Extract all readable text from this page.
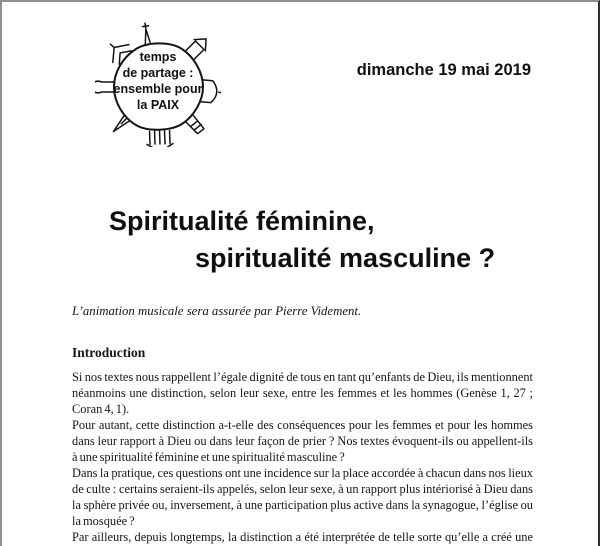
temps
de partage :
ensemble pour
la PAIX
dimanche 19 mai 2019
Spiritualité féminine,
spiritualité masculine ?
L’animation musicale sera assurée par Pierre Videment.
Introduction
Si nos textes nous rappellent l’égale dignité de tous en tant qu’enfants de Dieu, ils mentionnent
néanmoins une distinction, selon leur sexe, entre les femmes et les hommes (Genèse 1, 27 ;
Coran 4, 1).
Pour autant, cette distinction a-t-elle des conséquences pour les femmes et pour les hommes
dans leur rapport à Dieu ou dans leur façon de prier ? Nos textes évoquent-ils ou appellent-ils
à une spiritualité féminine et une spiritualité masculine ?
Dans la pratique, ces questions ont une incidence sur la place accordée à chacun dans nos lieux
de culte : certains seraient-ils appelés, selon leur sexe, à un rapport plus intériorisé à Dieu dans
la sphère privée ou, inversement, à une participation plus active dans la synagogue, l’église ou
la mosquée ?
Par ailleurs, depuis longtemps, la distinction a été interprétée de telle sorte qu’elle a créé une
